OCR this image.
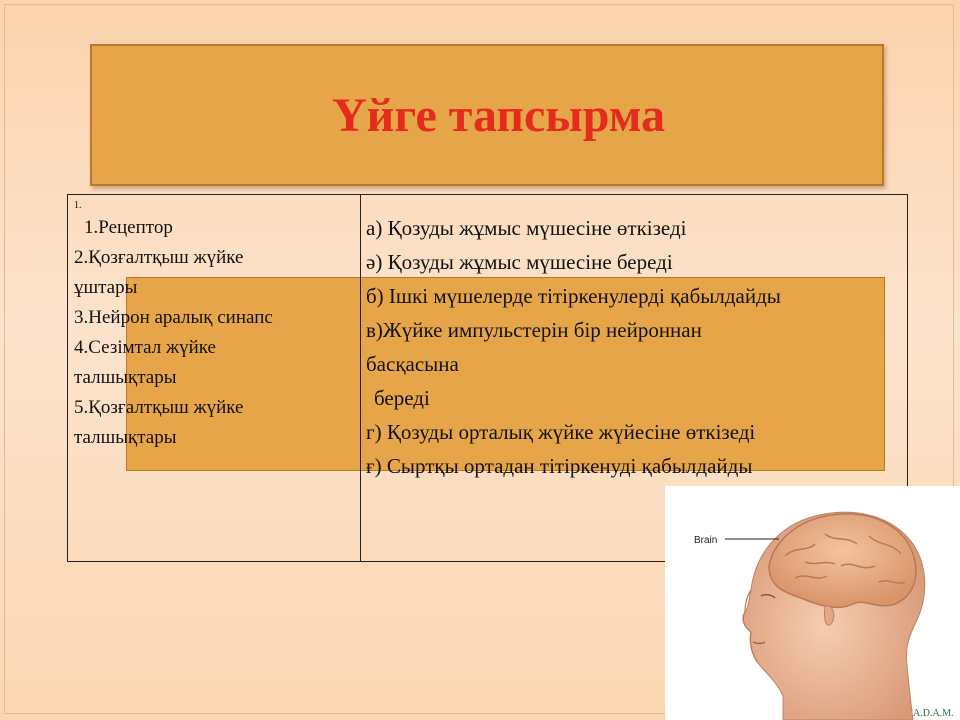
Үйге тапсырма
1.
1.Рецептор
2.Қозғалтқыш жүйке
ұштары
3.Нейрон аралық синапс
4.Сезімтал жүйке
талшықтары
5.Қозғалтқыш жүйке
талшықтары
а) Қозуды жұмыс мүшесіне өткізеді
ә) Қозуды жұмыс мүшесіне береді
б) Ішкі мүшелерде тітіркенулерді қабылдайды
в)Жүйке импульстерін бір нейроннан
басқасына
береді
г) Қозуды орталық жүйке жүйесіне өткізеді
ғ) Сыртқы ортадан тітіркенуді қабылдайды
Brain
A.D.A.M.
